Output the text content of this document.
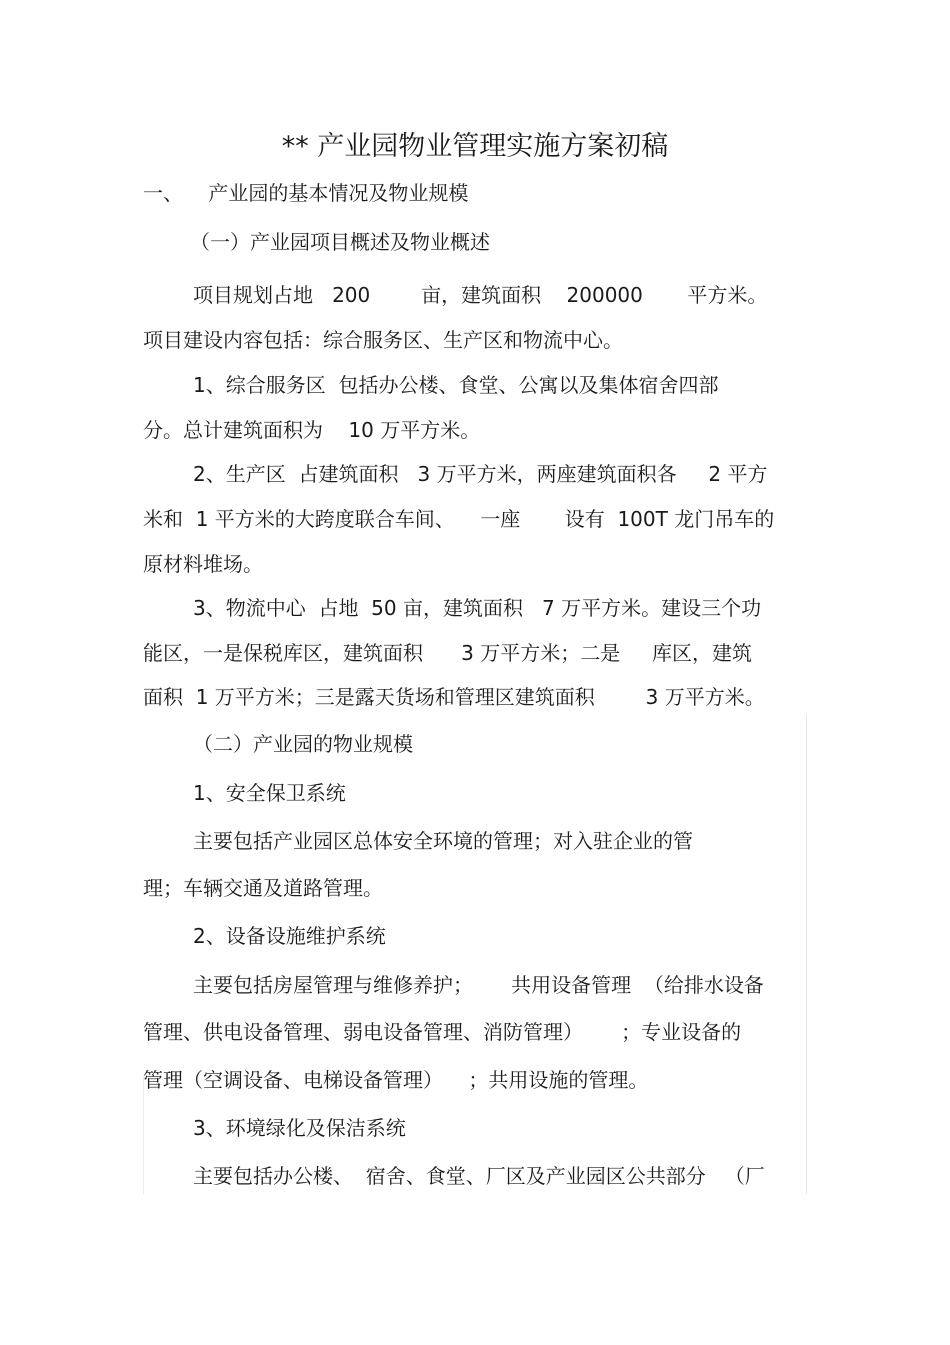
** 产业园物业管理实施方案初稿
一、    产业园的基本情况及物业规模
（一）产业园项目概述及物业概述
项目规划占地   200        亩，建筑面积    200000       平方米。
项目建设内容包括：综合服务区、生产区和物流中心。
1、综合服务区  包括办公楼、食堂、公寓以及集体宿舍四部
分。总计建筑面积为    10 万平方米。
2、生产区  占建筑面积   3 万平方米，两座建筑面积各     2 平方
米和  1 平方米的大跨度联合车间、    一座       设有  100T 龙门吊车的
原材料堆场。
3、物流中心  占地  50 亩，建筑面积   7 万平方米。建设三个功
能区，一是保税库区，建筑面积      3 万平方米；二是     库区，建筑
面积  1 万平方米；三是露天货场和管理区建筑面积        3 万平方米。
（二）产业园的物业规模
1、安全保卫系统
主要包括产业园区总体安全环境的管理；对入驻企业的管
理；车辆交通及道路管理。
2、设备设施维护系统
主要包括房屋管理与维修养护；      共用设备管理  （给排水设备
管理、供电设备管理、弱电设备管理、消防管理）      ；专业设备的
管理（空调设备、电梯设备管理）    ；共用设施的管理。
3、环境绿化及保洁系统
主要包括办公楼、  宿舍、食堂、厂区及产业园区公共部分   （厂
